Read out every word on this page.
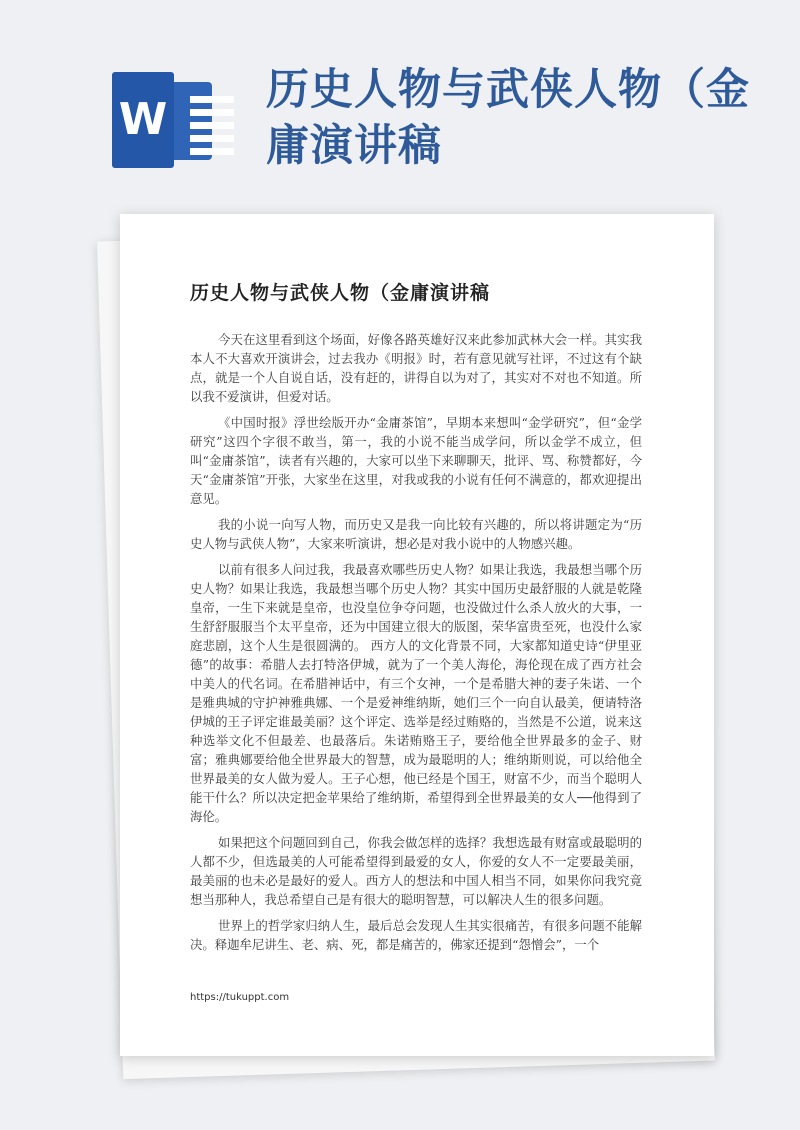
W
历史人物与武侠人物（金庸演讲稿
历史人物与武侠人物（金庸演讲稿

今天在这里看到这个场面，好像各路英雄好汉来此参加武林大会一样。其实我本人不大喜欢开演讲会，过去我办《明报》时，若有意见就写社评，不过这有个缺点，就是一个人自说自话，没有赶的，讲得自以为对了，其实对不对也不知道。所以我不爱演讲，但爱对话。

《中国时报》浮世绘版开办“金庸茶馆”，早期本来想叫“金学研究”，但“金学研究”这四个字很不敢当，第一，我的小说不能当成学问，所以金学不成立，但叫“金庸茶馆”，读者有兴趣的，大家可以坐下来聊聊天，批评、骂、称赞都好，今天“金庸茶馆”开张，大家坐在这里，对我或我的小说有任何不满意的，都欢迎提出意见。

我的小说一向写人物，而历史又是我一向比较有兴趣的，所以将讲题定为“历史人物与武侠人物”，大家来听演讲，想必是对我小说中的人物感兴趣。

以前有很多人问过我，我最喜欢哪些历史人物？如果让我选，我最想当哪个历史人物？如果让我选，我最想当哪个历史人物？其实中国历史最舒服的人就是乾隆皇帝，一生下来就是皇帝，也没皇位争夺问题，也没做过什么杀人放火的大事，一生舒舒服服当个太平皇帝，还为中国建立很大的版图，荣华富贵至死，也没什么家庭悲剧，这个人生是很圆满的。 西方人的文化背景不同，大家都知道史诗“伊里亚德”的故事：希腊人去打特洛伊城，就为了一个美人海伦，海伦现在成了西方社会中美人的代名词。在希腊神话中，有三个女神，一个是希腊大神的妻子朱诺、一个是雅典城的守护神雅典娜、一个是爱神维纳斯，她们三个一向自认最美，便请特洛伊城的王子评定谁最美丽？这个评定、选举是经过贿赂的，当然是不公道，说来这种选举文化不但最差、也最落后。朱诺贿赂王子，要给他全世界最多的金子、财富；雅典娜要给他全世界最大的智慧，成为最聪明的人；维纳斯则说，可以给他全世界最美的女人做为爱人。王子心想，他已经是个国王，财富不少，而当个聪明人能干什么？所以决定把金苹果给了维纳斯，希望得到全世界最美的女人──他得到了海伦。

如果把这个问题回到自己，你我会做怎样的选择？我想选最有财富或最聪明的人都不少，但选最美的人可能希望得到最爱的女人，你爱的女人不一定要最美丽，最美丽的也未必是最好的爱人。西方人的想法和中国人相当不同，如果你问我究竟想当那种人，我总希望自己是有很大的聪明智慧，可以解决人生的很多问题。

世界上的哲学家归纳人生，最后总会发现人生其实很痛苦，有很多问题不能解决。释迦牟尼讲生、老、病、死，都是痛苦的，佛家还提到“怨憎会”，一个

https://tukuppt.com
